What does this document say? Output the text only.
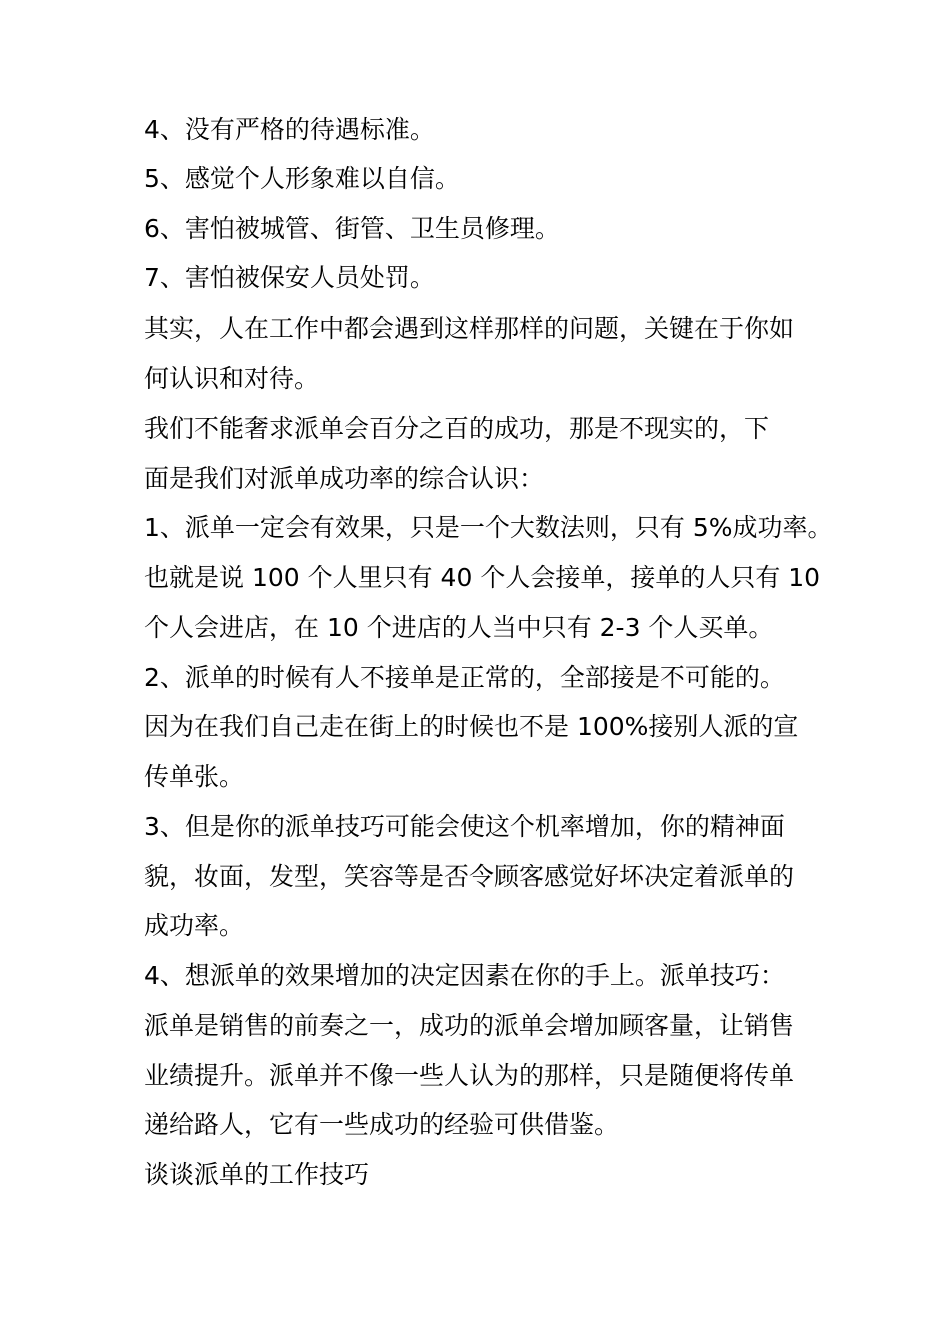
4、没有严格的待遇标准。
5、感觉个人形象难以自信。
6、害怕被城管、街管、卫生员修理。
7、害怕被保安人员处罚。
其实，人在工作中都会遇到这样那样的问题，关键在于你如
何认识和对待。
我们不能奢求派单会百分之百的成功，那是不现实的，下
面是我们对派单成功率的综合认识：
1、派单一定会有效果，只是一个大数法则，只有 5%成功率。
也就是说 100 个人里只有 40 个人会接单，接单的人只有 10
个人会进店，在 10 个进店的人当中只有 2-3 个人买单。
2、派单的时候有人不接单是正常的，全部接是不可能的。
因为在我们自己走在街上的时候也不是 100%接别人派的宣
传单张。
3、但是你的派单技巧可能会使这个机率增加，你的精神面
貌，妆面，发型，笑容等是否令顾客感觉好坏决定着派单的
成功率。
4、想派单的效果增加的决定因素在你的手上。派单技巧：
派单是销售的前奏之一，成功的派单会增加顾客量，让销售
业绩提升。派单并不像一些人认为的那样，只是随便将传单
递给路人，它有一些成功的经验可供借鉴。
谈谈派单的工作技巧
